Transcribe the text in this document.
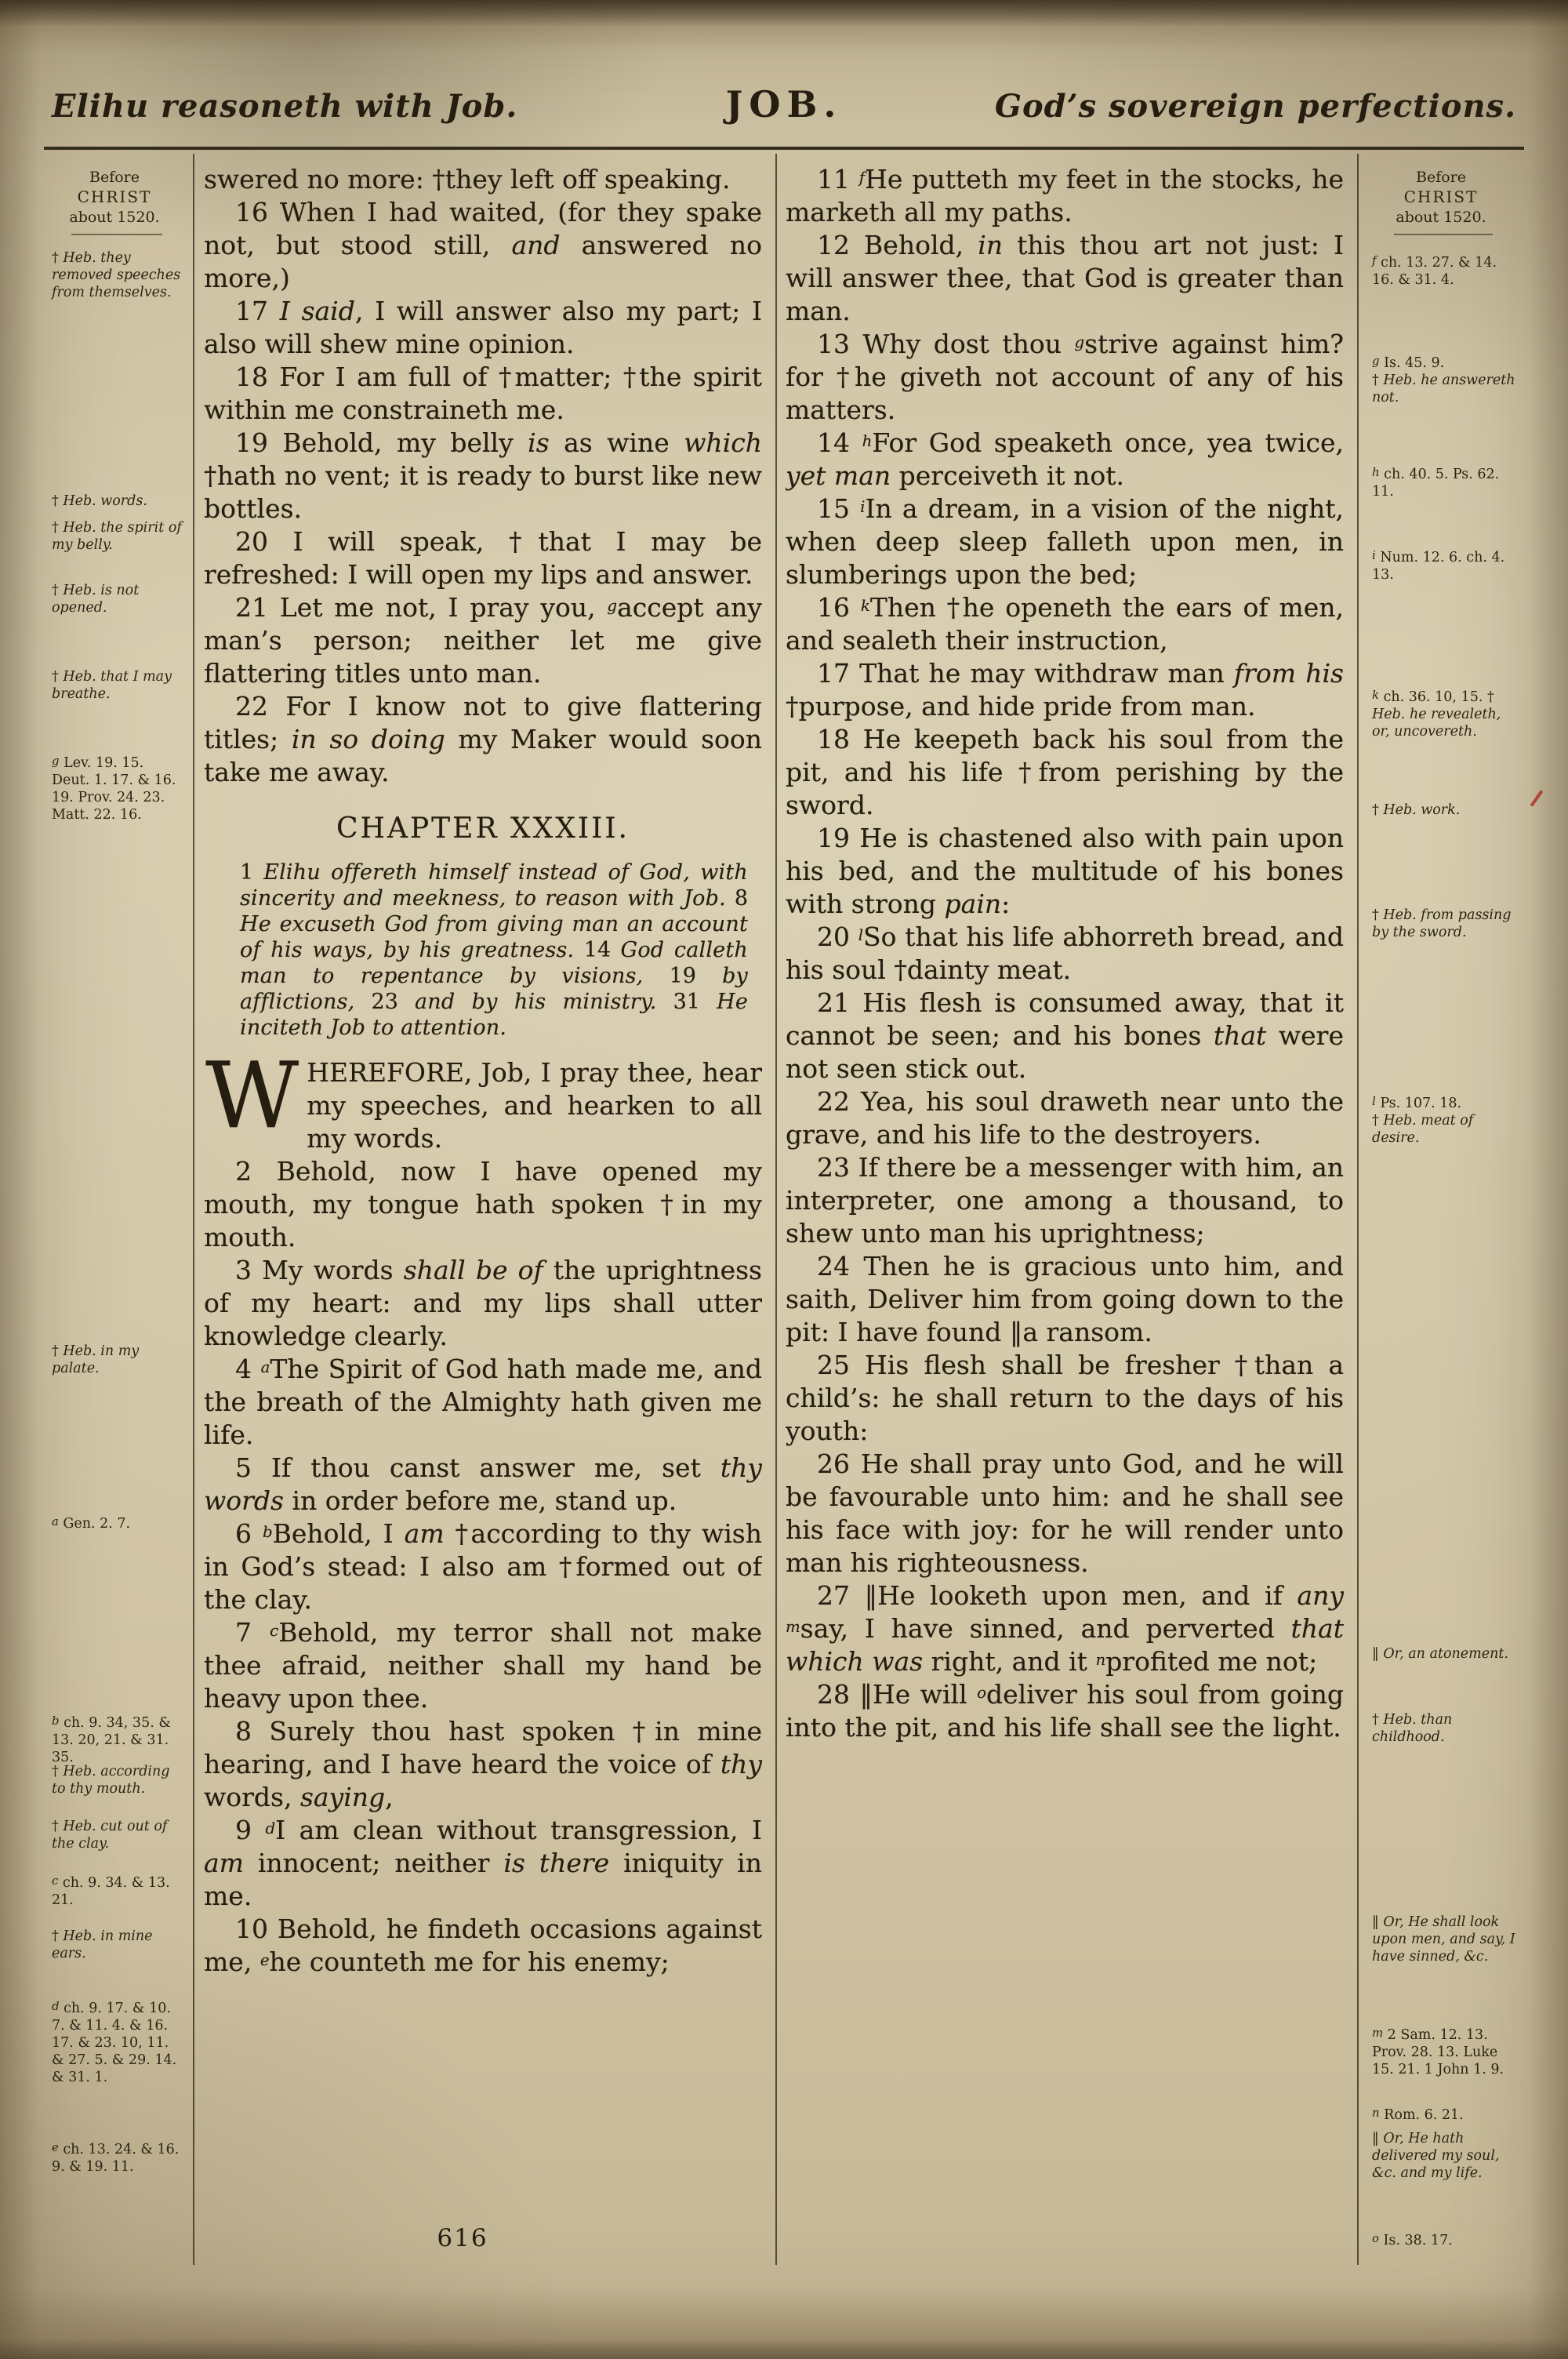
Elihu reasoneth with Job.	JOB.	God’s sovereign perfections.
Before
CHRIST
about 1520.
† Heb. they removed speeches from themselves.
† Heb. words.
† Heb. the spirit of my belly.
† Heb. is not opened.
† Heb. that I may breathe.
$^g$ Lev. 19. 15. Deut. 1. 17. & 16. 19. Prov. 24. 23. Matt. 22. 16.
† Heb. in my palate.
$^a$ Gen. 2. 7.
$^b$ ch. 9. 34, 35. & 13. 20, 21. & 31. 35.
† Heb. according to thy mouth.
† Heb. cut out of the clay.
$^c$ ch. 9. 34. & 13. 21.
† Heb. in mine ears.
$^d$ ch. 9. 17. & 10. 7. & 11. 4. & 16. 17. & 23. 10, 11. & 27. 5. & 29. 14. & 31. 1.
$^e$ ch. 13. 24. & 16. 9. & 19. 11.

swered no more: †they left off speaking.

16 When I had waited, (for they spake not, but stood still, and answered no more,)

17 I said, I will answer also my part; I also will shew mine opinion.

18 For I am full of †matter; †the spirit within me constraineth me.

19 Behold, my belly is as wine which †hath no vent; it is ready to burst like new bottles.

20 I will speak, †that I may be refreshed: I will open my lips and answer.

21 Let me not, I pray you, $^g$accept any man’s person; neither let me give flattering titles unto man.

22 For I know not to give flattering titles; in so doing my Maker would soon take me away.

CHAPTER XXXIII.

1 Elihu offereth himself instead of God, with sincerity and meekness, to reason with Job. 8 He excuseth God from giving man an account of his ways, by his greatness. 14 God calleth man to repentance by visions, 19 by afflictions, 23 and by his ministry. 31 He inciteth Job to attention.

WHEREFORE, Job, I pray thee, hear my speeches, and hearken to all my words.

2 Behold, now I have opened my mouth, my tongue hath spoken †in my mouth.

3 My words shall be of the uprightness of my heart: and my lips shall utter knowledge clearly.

4 $^a$The Spirit of God hath made me, and the breath of the Almighty hath given me life.

5 If thou canst answer me, set thy words in order before me, stand up.

6 $^b$Behold, I am †according to thy wish in God’s stead: I also am †formed out of the clay.

7 $^c$Behold, my terror shall not make thee afraid, neither shall my hand be heavy upon thee.

8 Surely thou hast spoken †in mine hearing, and I have heard the voice of thy words, saying,

9 $^d$I am clean without transgression, I am innocent; neither is there iniquity in me.

10 Behold, he findeth occasions against me, $^e$he counteth me for his enemy;

11 $^f$He putteth my feet in the stocks, he marketh all my paths.

12 Behold, in this thou art not just: I will answer thee, that God is greater than man.

13 Why dost thou $^g$strive against him? for †he giveth not account of any of his matters.

14 $^h$For God speaketh once, yea twice, yet man perceiveth it not.

15 $^i$In a dream, in a vision of the night, when deep sleep falleth upon men, in slumberings upon the bed;

16 $^k$Then †he openeth the ears of men, and sealeth their instruction,

17 That he may withdraw man from his †purpose, and hide pride from man.

18 He keepeth back his soul from the pit, and his life †from perishing by the sword.

19 He is chastened also with pain upon his bed, and the multitude of his bones with strong pain:

20 $^l$So that his life abhorreth bread, and his soul †dainty meat.

21 His flesh is consumed away, that it cannot be seen; and his bones that were not seen stick out.

22 Yea, his soul draweth near unto the grave, and his life to the destroyers.

23 If there be a messenger with him, an interpreter, one among a thousand, to shew unto man his uprightness;

24 Then he is gracious unto him, and saith, Deliver him from going down to the pit: I have found ‖a ransom.

25 His flesh shall be fresher †than a child’s: he shall return to the days of his youth:

26 He shall pray unto God, and he will be favourable unto him: and he shall see his face with joy: for he will render unto man his righteousness.

27 ‖He looketh upon men, and if any $^m$say, I have sinned, and perverted that which was right, and it $^n$profited me not;

28 ‖He will $^o$deliver his soul from going into the pit, and his life shall see the light.

Before
CHRIST
about 1520.
$^f$ ch. 13. 27. & 14. 16. & 31. 4.
$^g$ Is. 45. 9.
† Heb. he answereth not.
$^h$ ch. 40. 5. Ps. 62. 11.
$^i$ Num. 12. 6. ch. 4. 13.
$^k$ ch. 36. 10, 15. † Heb. he revealeth, or, uncovereth.
† Heb. work.
† Heb. from passing by the sword.
$^l$ Ps. 107. 18.
† Heb. meat of desire.
‖ Or, an atonement.
† Heb. than childhood.
‖ Or, He shall look upon men, and say, I have sinned, &c.
$^m$ 2 Sam. 12. 13. Prov. 28. 13. Luke 15. 21. 1 John 1. 9.
$^n$ Rom. 6. 21.
‖ Or, He hath delivered my soul, &c. and my life.
$^o$ Is. 38. 17.
616
